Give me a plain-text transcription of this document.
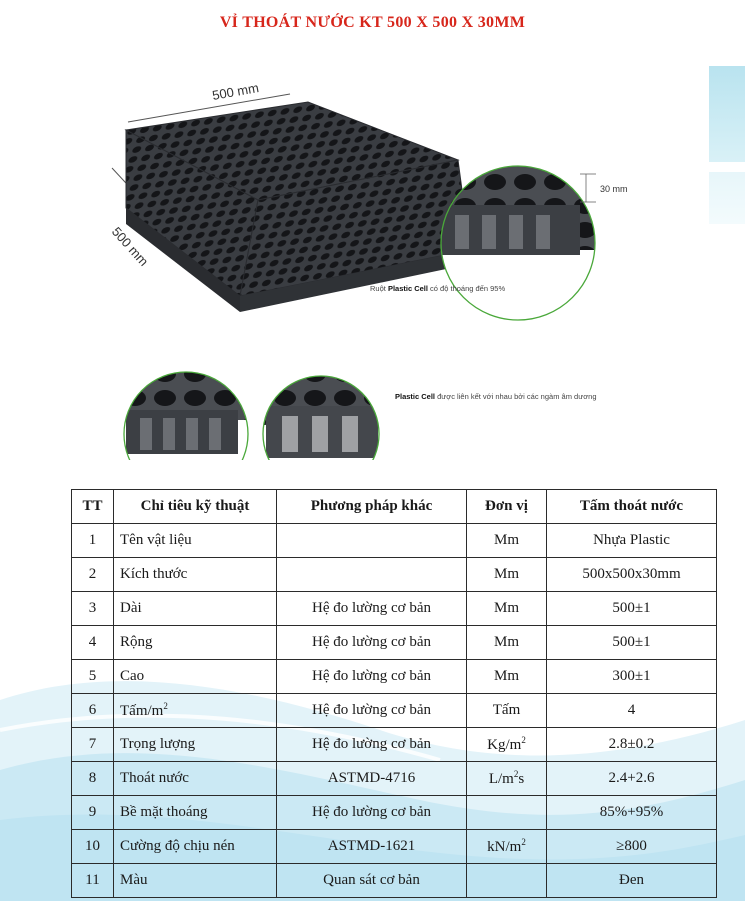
VỈ THOÁT NƯỚC KT 500 X 500 X 30MM
500 mm
500 mm
30 mm
Ruột Plastic Cell có độ thoáng đến 95%
Plastic Cell được liên kết với nhau bởi các ngàm âm dương
TT	Chỉ tiêu kỹ thuật	Phương pháp khác	Đơn vị	Tấm thoát nước
1	Tên vật liệu		Mm	Nhựa Plastic
2	Kích thước		Mm	500x500x30mm
3	Dài	Hệ đo lường cơ bản	Mm	500±1
4	Rộng	Hệ đo lường cơ bản	Mm	500±1
5	Cao	Hệ đo lường cơ bản	Mm	300±1
6	Tấm/$m^2$	Hệ đo lường cơ bản	Tấm	4
7	Trọng lượng	Hệ đo lường cơ bản	$Kg/m^2$	2.8±0.2
8	Thoát nước	ASTMD-4716	$L/m^2s$	2.4+2.6
9	Bề mặt thoáng	Hệ đo lường cơ bản		85%+95%
10	Cường độ chịu nén	ASTMD-1621	$kN/m^2$	≥800
11	Màu	Quan sát cơ bản		Đen
